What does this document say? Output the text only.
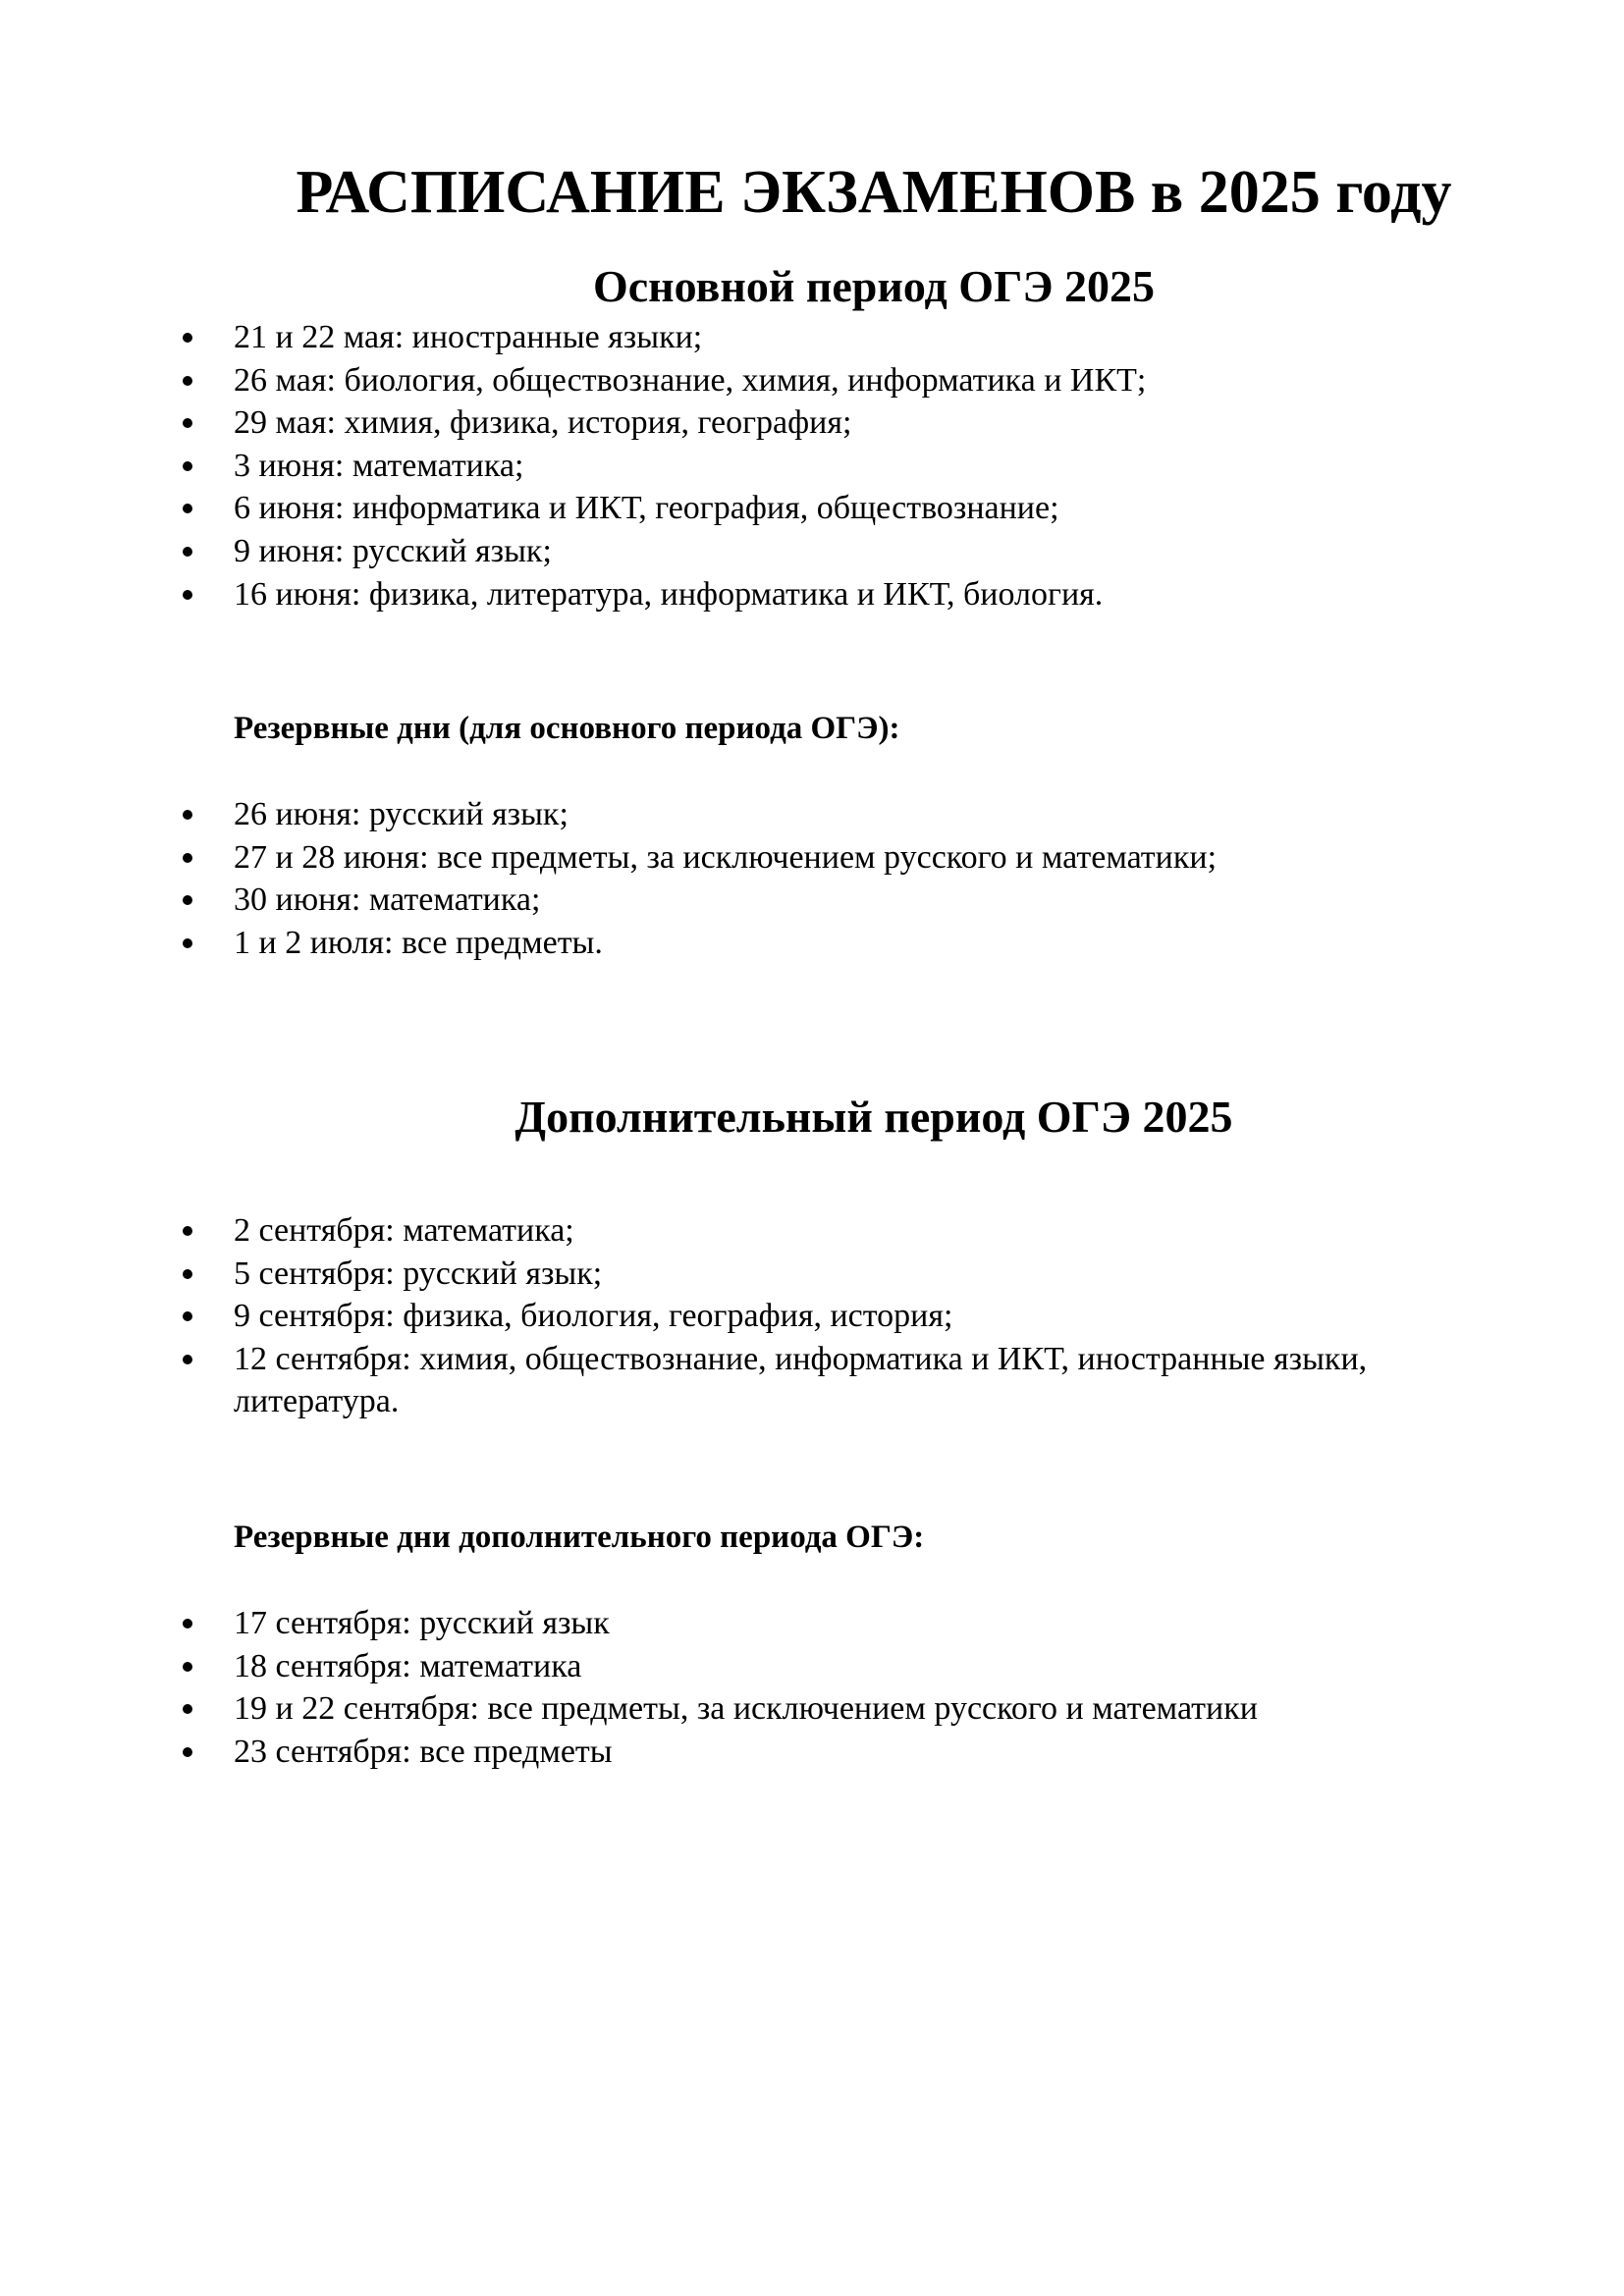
РАСПИСАНИЕ ЭКЗАМЕНОВ в 2025 году
Основной период ОГЭ 2025
21 и 22 мая: иностранные языки;
26 мая: биология, обществознание, химия, информатика и ИКТ;
29 мая: химия, физика, история, география;
3 июня: математика;
6 июня: информатика и ИКТ, география, обществознание;
9 июня: русский язык;
16 июня: физика, литература, информатика и ИКТ, биология.
Резервные дни (для основного периода ОГЭ):
26 июня: русский язык;
27 и 28 июня: все предметы, за исключением русского и математики;
30 июня: математика;
1 и 2 июля: все предметы.
Дополнительный период ОГЭ 2025
2 сентября: математика;
5 сентября: русский язык;
9 сентября: физика, биология, география, история;
12 сентября: химия, обществознание, информатика и ИКТ, иностранные языки, литература.
Резервные дни дополнительного периода ОГЭ:
17 сентября: русский язык
18 сентября: математика
19 и 22 сентября: все предметы, за исключением русского и математики
23 сентября: все предметы
